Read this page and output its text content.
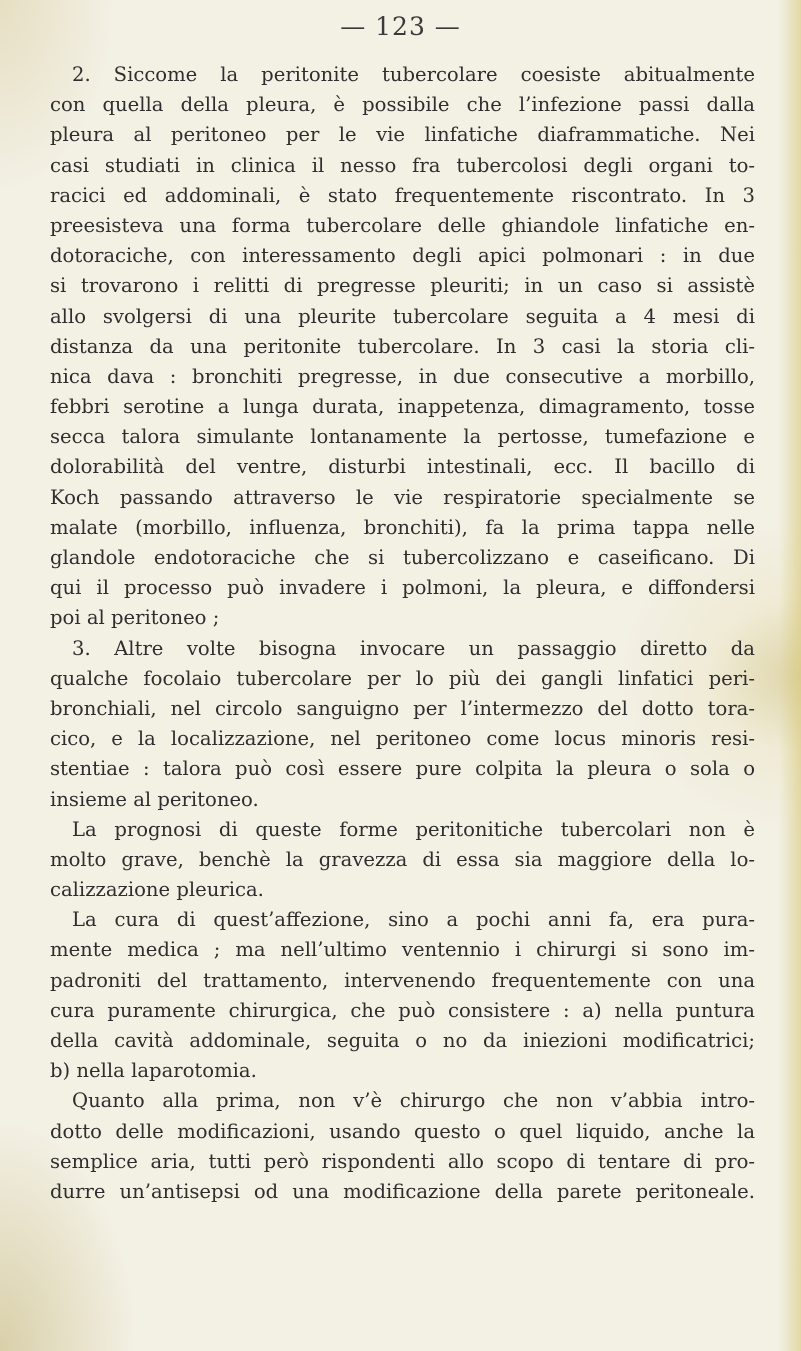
— 123 —
2. Siccome la peritonite tubercolare coesiste abitualmente
con quella della pleura, è possibile che l’infezione passi dalla
pleura al peritoneo per le vie linfatiche diaframmatiche. Nei
casi studiati in clinica il nesso fra tubercolosi degli organi to-
racici ed addominali, è stato frequentemente riscontrato. In 3
preesisteva una forma tubercolare delle ghiandole linfatiche en-
dotoraciche, con interessamento degli apici polmonari : in due
si trovarono i relitti di pregresse pleuriti; in un caso si assistè
allo svolgersi di una pleurite tubercolare seguita a 4 mesi di
distanza da una peritonite tubercolare. In 3 casi la storia cli-
nica dava : bronchiti pregresse, in due consecutive a morbillo,
febbri serotine a lunga durata, inappetenza, dimagramento, tosse
secca talora simulante lontanamente la pertosse, tumefazione e
dolorabilità del ventre, disturbi intestinali, ecc. Il bacillo di
Koch passando attraverso le vie respiratorie specialmente se
malate (morbillo, influenza, bronchiti), fa la prima tappa nelle
glandole endotoraciche che si tubercolizzano e caseificano. Di
qui il processo può invadere i polmoni, la pleura, e diffondersi
poi al peritoneo ;
3. Altre volte bisogna invocare un passaggio diretto da
qualche focolaio tubercolare per lo più dei gangli linfatici peri-
bronchiali, nel circolo sanguigno per l’intermezzo del dotto tora-
cico, e la localizzazione, nel peritoneo come locus minoris resi-
stentiae : talora può così essere pure colpita la pleura o sola o
insieme al peritoneo.
La prognosi di queste forme peritonitiche tubercolari non è
molto grave, benchè la gravezza di essa sia maggiore della lo-
calizzazione pleurica.
La cura di quest’affezione, sino a pochi anni fa, era pura-
mente medica ; ma nell’ultimo ventennio i chirurgi si sono im-
padroniti del trattamento, intervenendo frequentemente con una
cura puramente chirurgica, che può consistere : a) nella puntura
della cavità addominale, seguita o no da iniezioni modificatrici;
b) nella laparotomia.
Quanto alla prima, non v’è chirurgo che non v’abbia intro-
dotto delle modificazioni, usando questo o quel liquido, anche la
semplice aria, tutti però rispondenti allo scopo di tentare di pro-
durre un’antisepsi od una modificazione della parete peritoneale.
